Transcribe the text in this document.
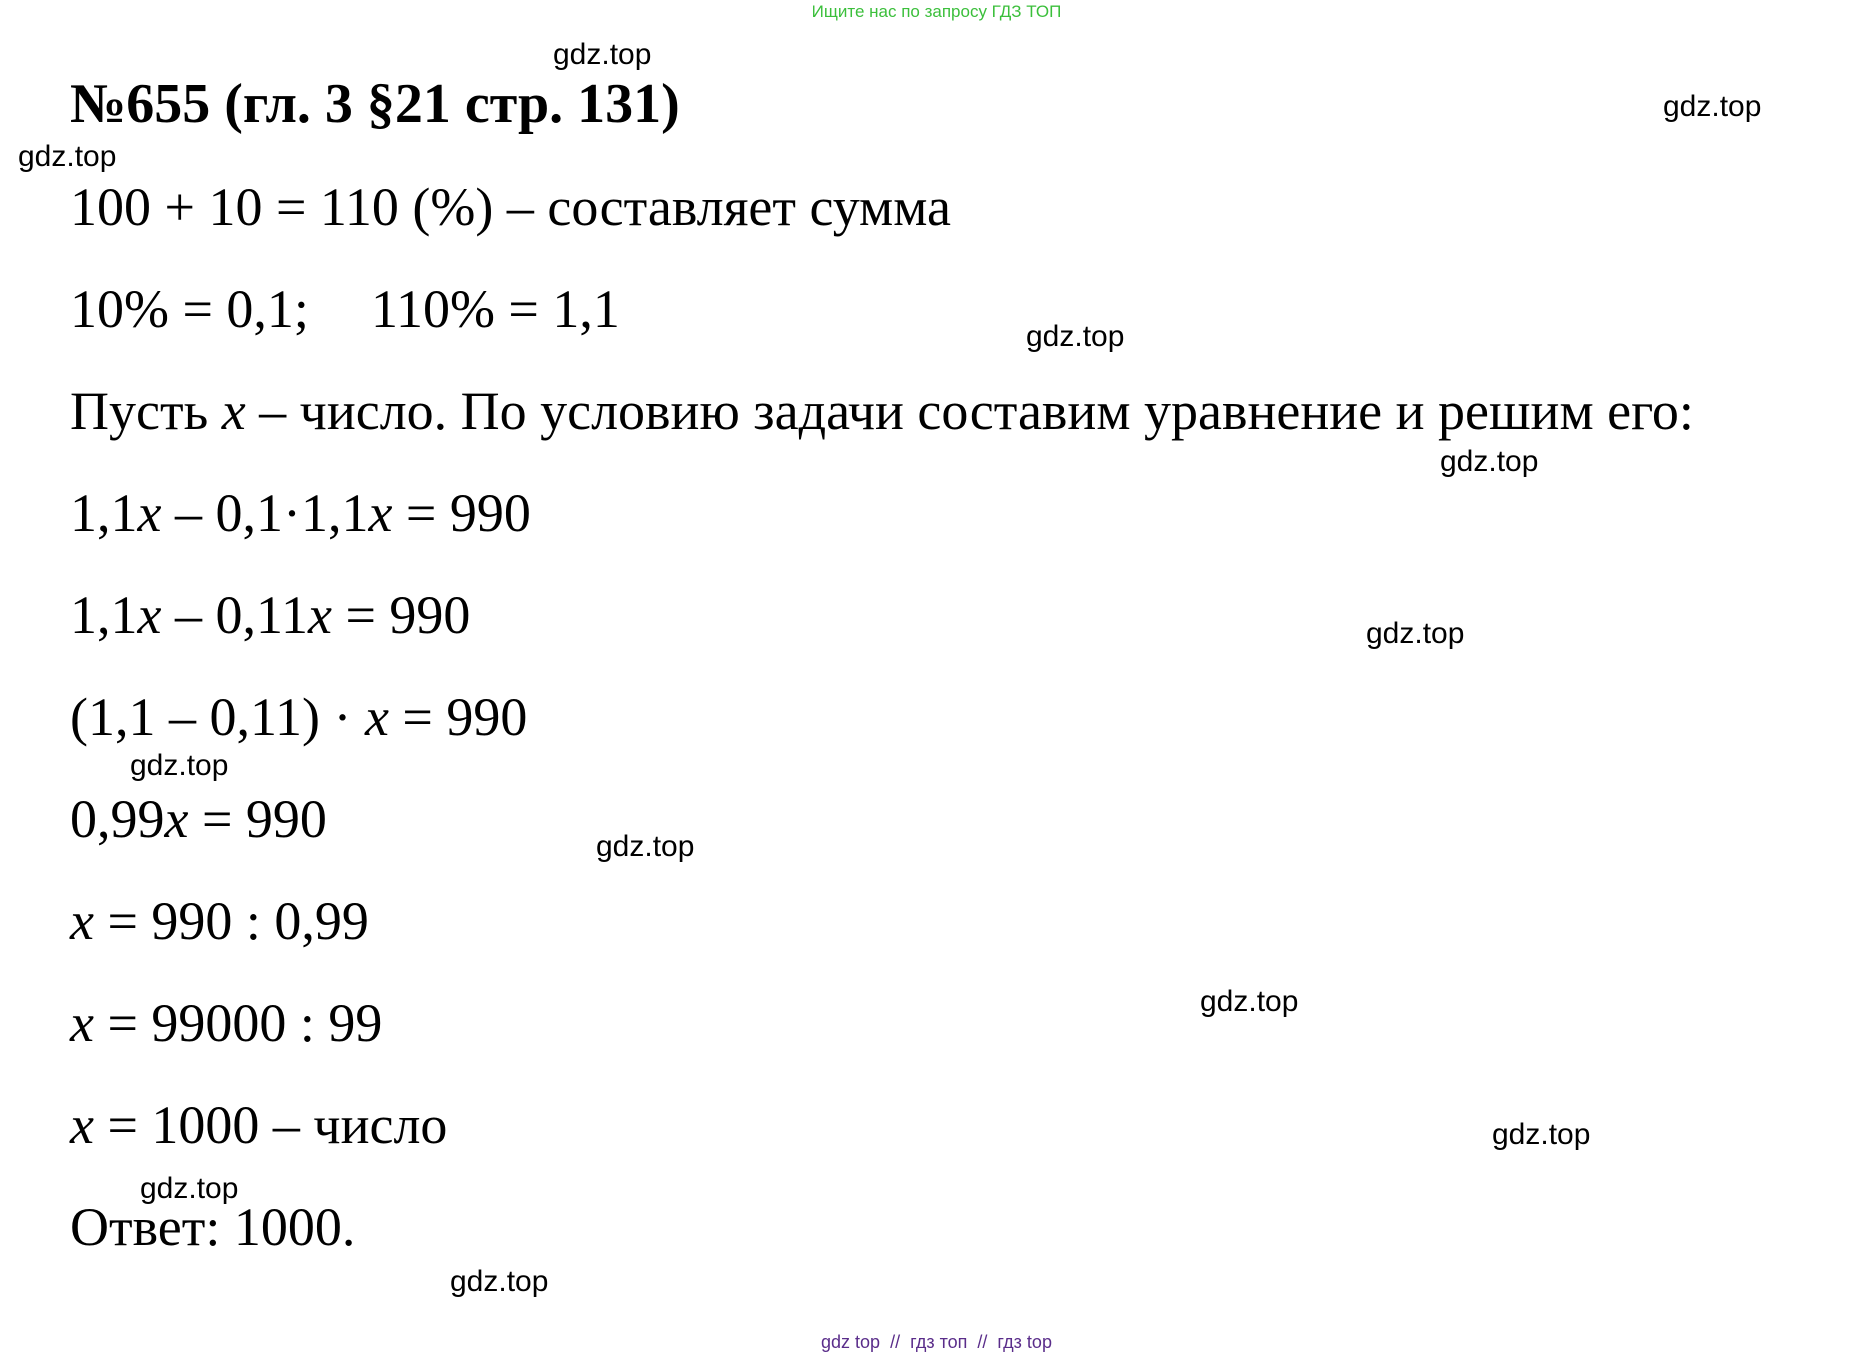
Ищите нас по запросу ГДЗ ТОП
№655 (гл. 3 §21 стр. 131)
100 + 10 = 110 (%) – составляет сумма
10% = 0,1; 110% = 1,1
Пусть x – число. По условию задачи составим уравнение и решим его:
1,1x – 0,1·1,1x = 990
1,1x – 0,11x = 990
(1,1 – 0,11) · x = 990
0,99x = 990
x = 990 : 0,99
x = 99000 : 99
x = 1000 – число
Ответ: 1000.
gdz.top
gdz.top
gdz.top
gdz.top
gdz.top
gdz.top
gdz.top
gdz.top
gdz.top
gdz.top
gdz.top
gdz.top
gdz top // гдз топ // гдз top
